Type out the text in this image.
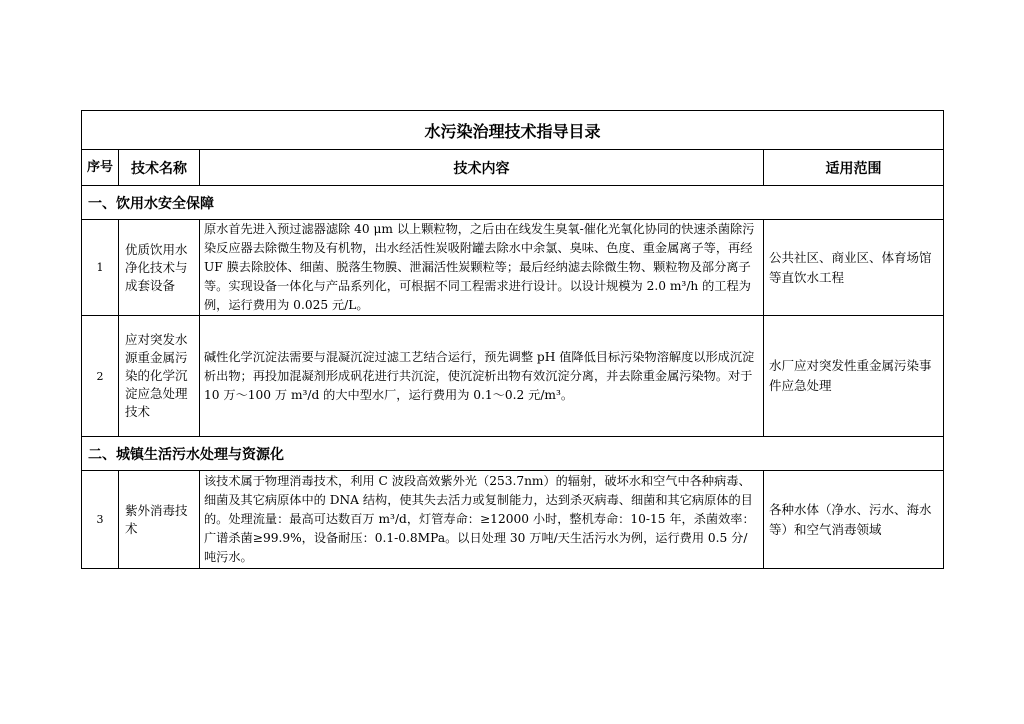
水污染治理技术指导目录			
序号	技术名称	技术内容	适用范围
一、饮用水安全保障			
1	优质饮用水净化技术与成套设备	原水首先进入预过滤器滤除 40 μm 以上颗粒物，之后由在线发生臭氧-催化光氧化协同的快速杀菌除污染反应器去除微生物及有机物，出水经活性炭吸附罐去除水中余氯、臭味、色度、重金属离子等，再经 UF 膜去除胶体、细菌、脱落生物膜、泄漏活性炭颗粒等；最后经纳滤去除微生物、颗粒物及部分离子等。实现设备一体化与产品系列化，可根据不同工程需求进行设计。以设计规模为 2.0 m³/h 的工程为例，运行费用为 0.025 元/L。	公共社区、商业区、体育场馆等直饮水工程
2	应对突发水源重金属污染的化学沉淀应急处理技术	碱性化学沉淀法需要与混凝沉淀过滤工艺结合运行，预先调整 pH 值降低目标污染物溶解度以形成沉淀析出物；再投加混凝剂形成矾花进行共沉淀，使沉淀析出物有效沉淀分离，并去除重金属污染物。对于 10 万～100 万 m³/d 的大中型水厂，运行费用为 0.1～0.2 元/m³。	水厂应对突发性重金属污染事件应急处理
二、城镇生活污水处理与资源化			
3	紫外消毒技术	该技术属于物理消毒技术，利用 C 波段高效紫外光（253.7nm）的辐射，破坏水和空气中各种病毒、细菌及其它病原体中的 DNA 结构，使其失去活力或复制能力，达到杀灭病毒、细菌和其它病原体的目的。处理流量：最高可达数百万 m³/d，灯管寿命：≥12000 小时，整机寿命：10-15 年，杀菌效率：广谱杀菌≥99.9%，设备耐压：0.1-0.8MPa。以日处理 30 万吨/天生活污水为例，运行费用 0.5 分/吨污水。	各种水体（净水、污水、海水等）和空气消毒领域
